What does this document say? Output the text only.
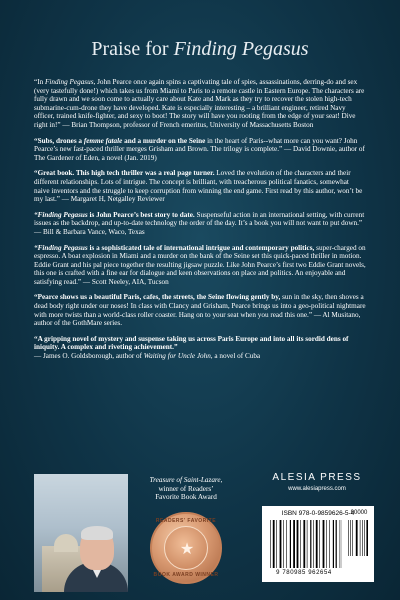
Praise for Finding Pegasus
“In Finding Pegasus, John Pearce once again spins a captivating tale of spies, assassinations, derring-do and sex (very tastefully done!) which takes us from Miami to Paris to a remote castle in Eastern Europe. The characters are fully drawn and we soon come to actually care about Kate and Mark as they try to recover the stolen high-tech submarine-cum-drone they have developed. Kate is especially interesting – a brilliant engineer, retired Navy officer, trained knife-fighter, and sexy to boot! The story will have you rooting from the edge of your seat! Dive right in!” — Brian Thompson, professor of French emeritus, University of Massachusetts Boston
“Subs, drones a femme fatale and a murder on the Seine in the heart of Paris--what more can you want? John Pearce’s new fast-paced thriller merges Grisham and Brown. The trilogy is complete.” — David Downie, author of The Gardener of Eden, a novel (Jan. 2019)
“Great book. This high tech thriller was a real page turner. Loved the evolution of the characters and their different relationships. Lots of intrigue. The concept is brilliant, with treacherous political fanatics, somewhat naive inventors and the struggle to keep corruption from winning the end game. First read by this author, won’t be my last.” — Margaret H, Netgalley Reviewer
“Finding Pegasus is John Pearce’s best story to date. Suspenseful action in an international setting, with current issues as the backdrop, and up-to-date technology the order of the day. It’s a book you will not want to put down.” — Bill & Barbara Vance, Waco, Texas
“Finding Pegasus is a sophisticated tale of international intrigue and contemporary politics, super-charged on espresso. A boat explosion in Miami and a murder on the bank of the Seine set this quick-paced thriller in motion. Eddie Grant and his pal piece together the resulting jigsaw puzzle. Like John Pearce’s first two Eddie Grant novels, this one is crafted with a fine ear for dialogue and keen observations on place and politics. An enjoyable and satisfying read.” — Scott Neeley, AIA, Tucson
“Pearce shows us a beautiful Paris, cafes, the streets, the Seine flowing gently by, sun in the sky, then shoves a dead body right under our noses! In class with Clancy and Grisham, Pearce brings us into a geo-political nightmare with more twists than a world-class roller coaster. Hang on to your seat when you read this one.” — Al Musitano, author of the GothMare series.
“A gripping novel of mystery and suspense taking us across Paris Europe and into all its sordid dens of iniquity. A complex and riveting achievement.”
— James O. Goldsborough, author of Waiting for Uncle John, a novel of Cuba
Treasure of Saint-Lazare,
winner of Readers’
Favorite Book Award
READERS' FAVORITE
★
BOOK AWARD WINNER
ALESIA PRESS
www.alesiapress.com
ISBN 978-0-9859626-5-4
90000
9 780985 962654
